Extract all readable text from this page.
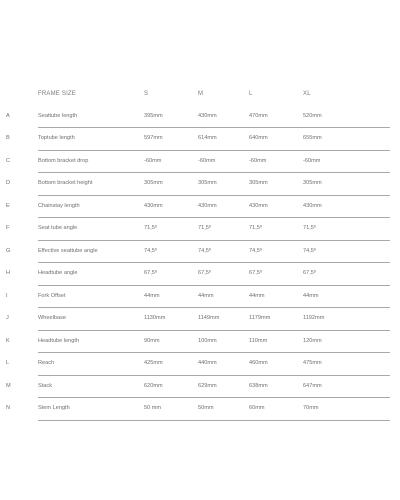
FRAME SIZE	S	M	L	XL
A	Seattube length	395mm	430mm	470mm	520mm
B	Toptube length	597mm	614mm	640mm	655mm
C	Bottom bracket drop	-60mm	-60mm	-60mm	-60mm
D	Bottom bracket height	305mm	305mm	305mm	305mm
E	Chainstay length	430mm	430mm	430mm	430mm
F	Seat tube angle	71,5º	71,5º	71,5º	71,5º
G	Effective seattube angle	74,5º	74,5º	74,5º	74,5º
H	Headtube angle	67,5º	67,5º	67,5º	67,5º
I	Fork Offset	44mm	44mm	44mm	44mm
J	Wheelbase	1130mm	1149mm	1179mm	1192mm
K	Headtube length	90mm	100mm	110mm	120mm
L	Reach	425mm	440mm	460mm	475mm
M	Stack	620mm	629mm	638mm	647mm
N	Stem Length	50 mm	50mm	60mm	70mm
